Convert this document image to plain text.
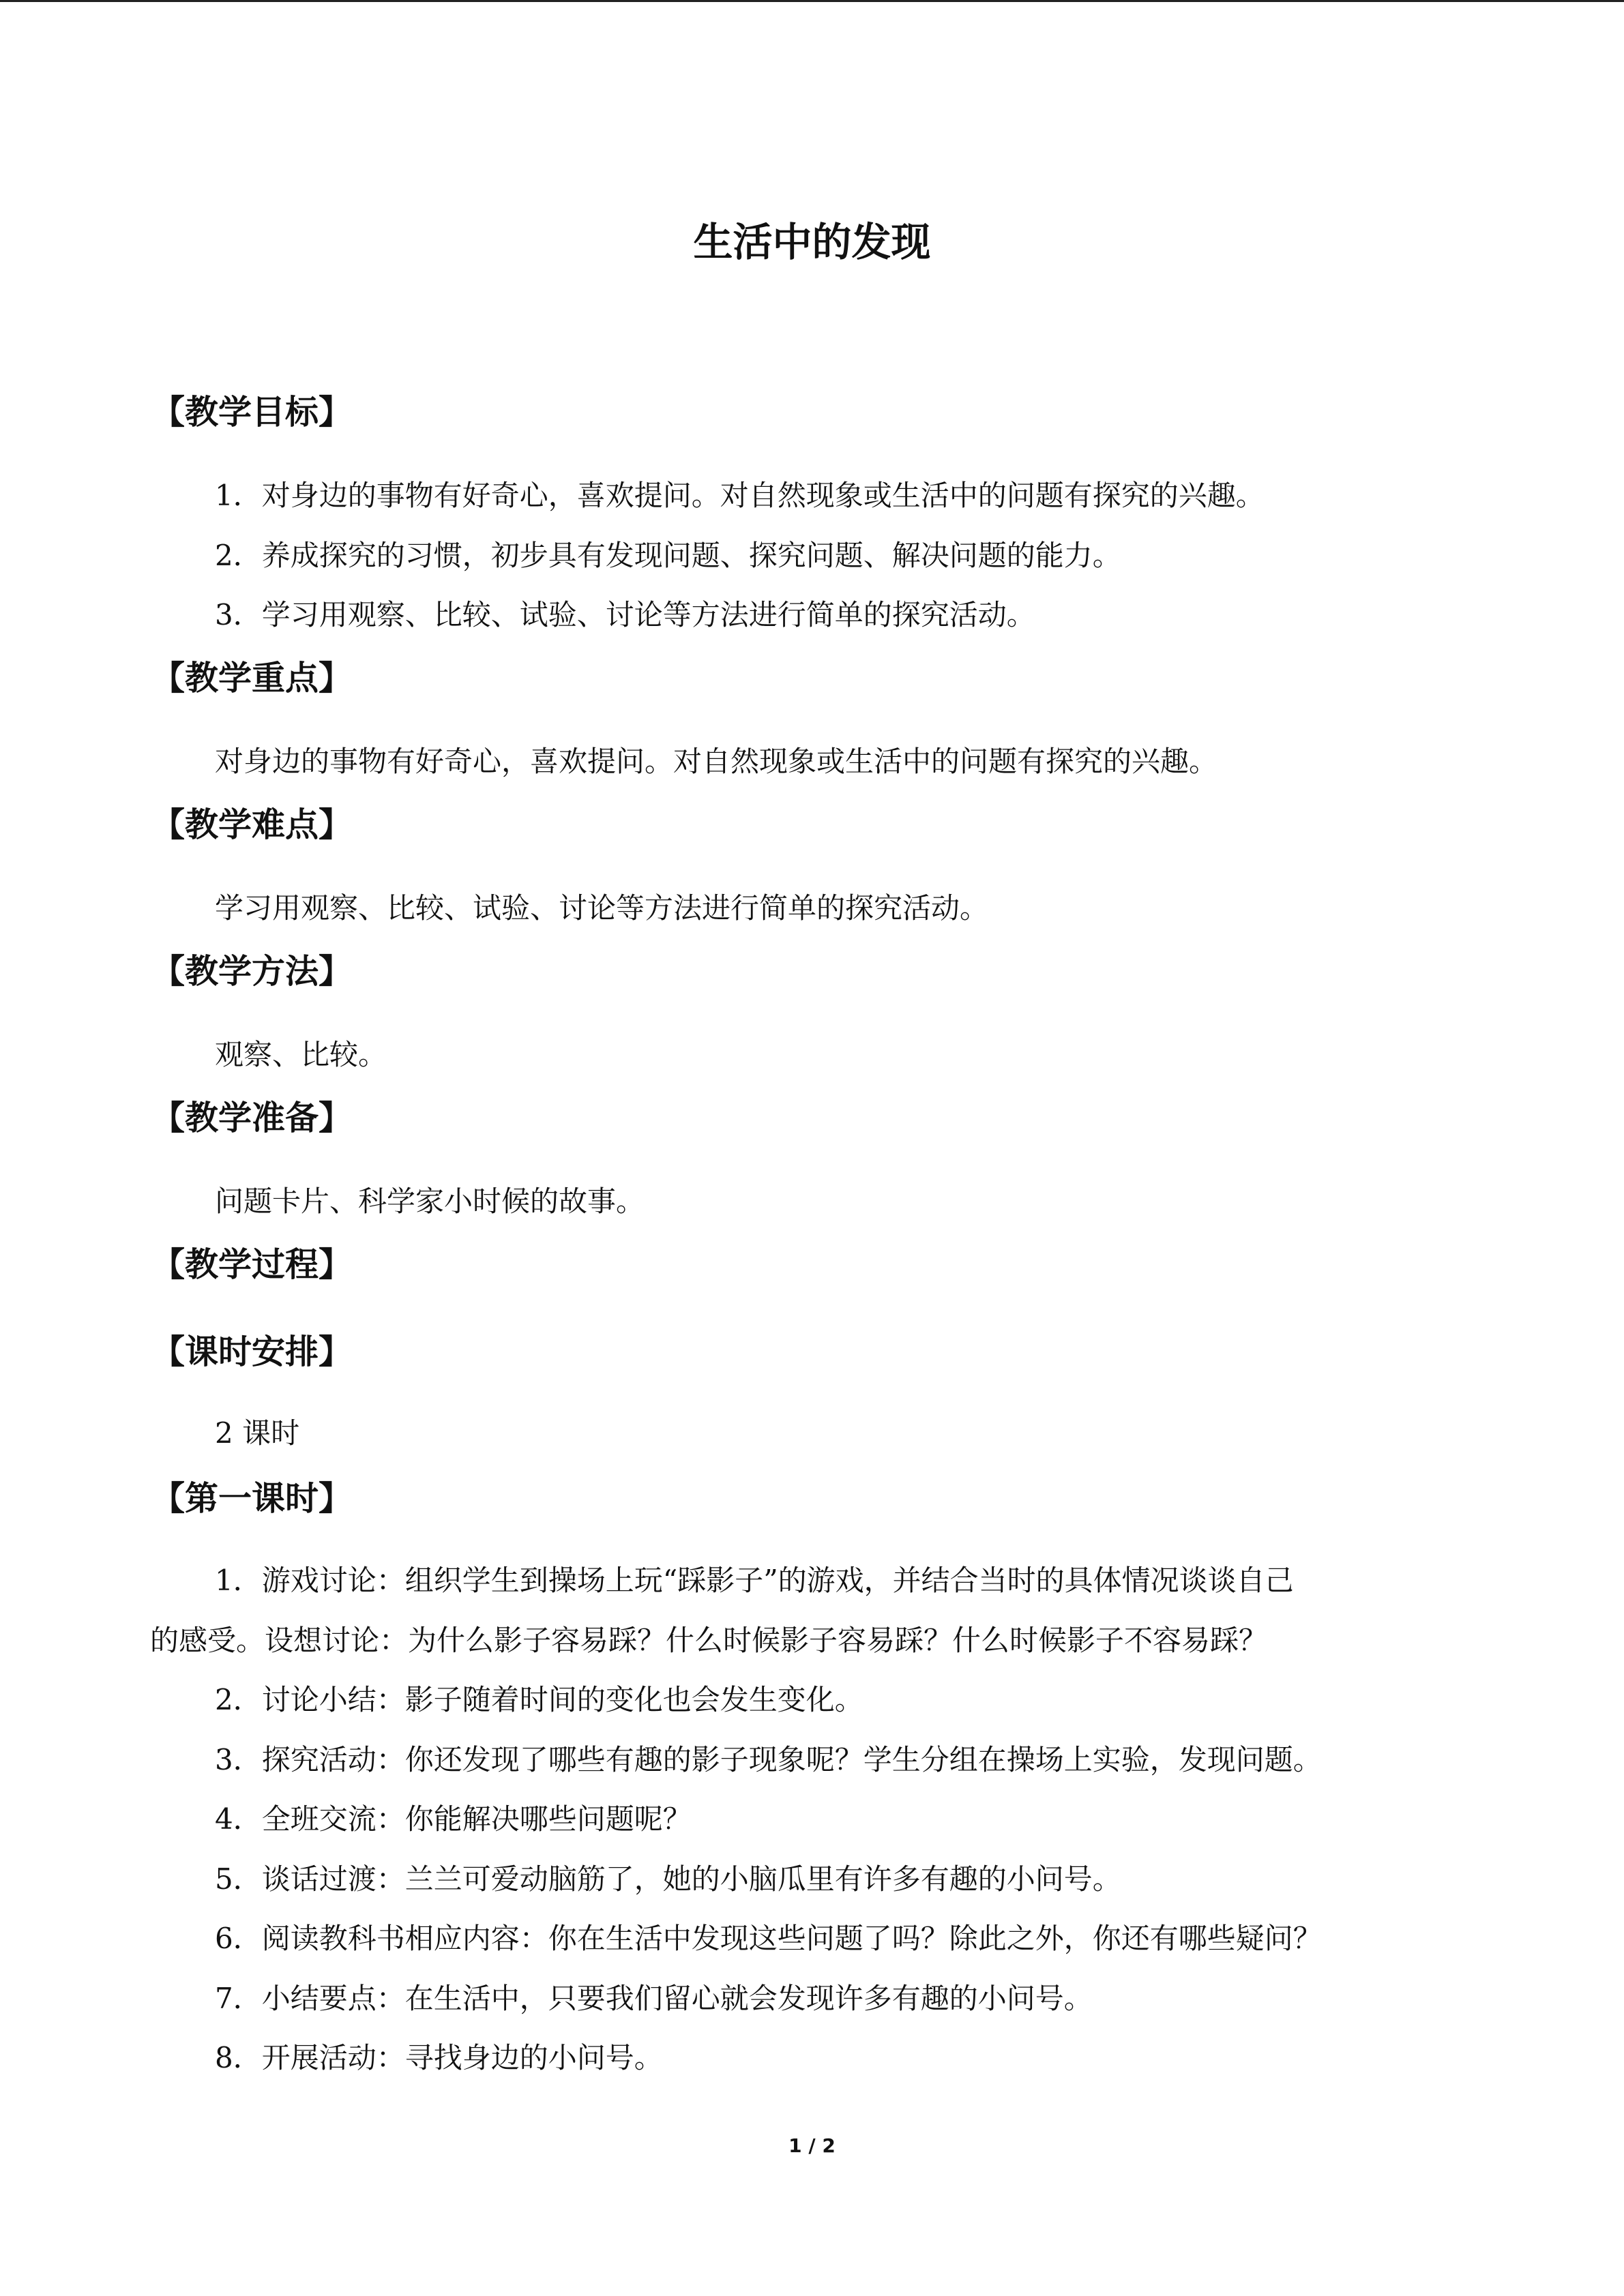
生活中的发现
【教学目标】

1．对身边的事物有好奇心，喜欢提问。对自然现象或生活中的问题有探究的兴趣。

2．养成探究的习惯，初步具有发现问题、探究问题、解决问题的能力。

3．学习用观察、比较、试验、讨论等方法进行简单的探究活动。

【教学重点】

对身边的事物有好奇心，喜欢提问。对自然现象或生活中的问题有探究的兴趣。

【教学难点】

学习用观察、比较、试验、讨论等方法进行简单的探究活动。

【教学方法】

观察、比较。

【教学准备】

问题卡片、科学家小时候的故事。

【教学过程】
【课时安排】

2 课时

【第一课时】

1．游戏讨论：组织学生到操场上玩“踩影子”的游戏，并结合当时的具体情况谈谈自己

的感受。设想讨论：为什么影子容易踩？什么时候影子容易踩？什么时候影子不容易踩？

2．讨论小结：影子随着时间的变化也会发生变化。

3．探究活动：你还发现了哪些有趣的影子现象呢？学生分组在操场上实验，发现问题。

4．全班交流：你能解决哪些问题呢？

5．谈话过渡：兰兰可爱动脑筋了，她的小脑瓜里有许多有趣的小问号。

6．阅读教科书相应内容：你在生活中发现这些问题了吗？除此之外，你还有哪些疑问？

7．小结要点：在生活中，只要我们留心就会发现许多有趣的小问号。

8．开展活动：寻找身边的小问号。

1 / 2
